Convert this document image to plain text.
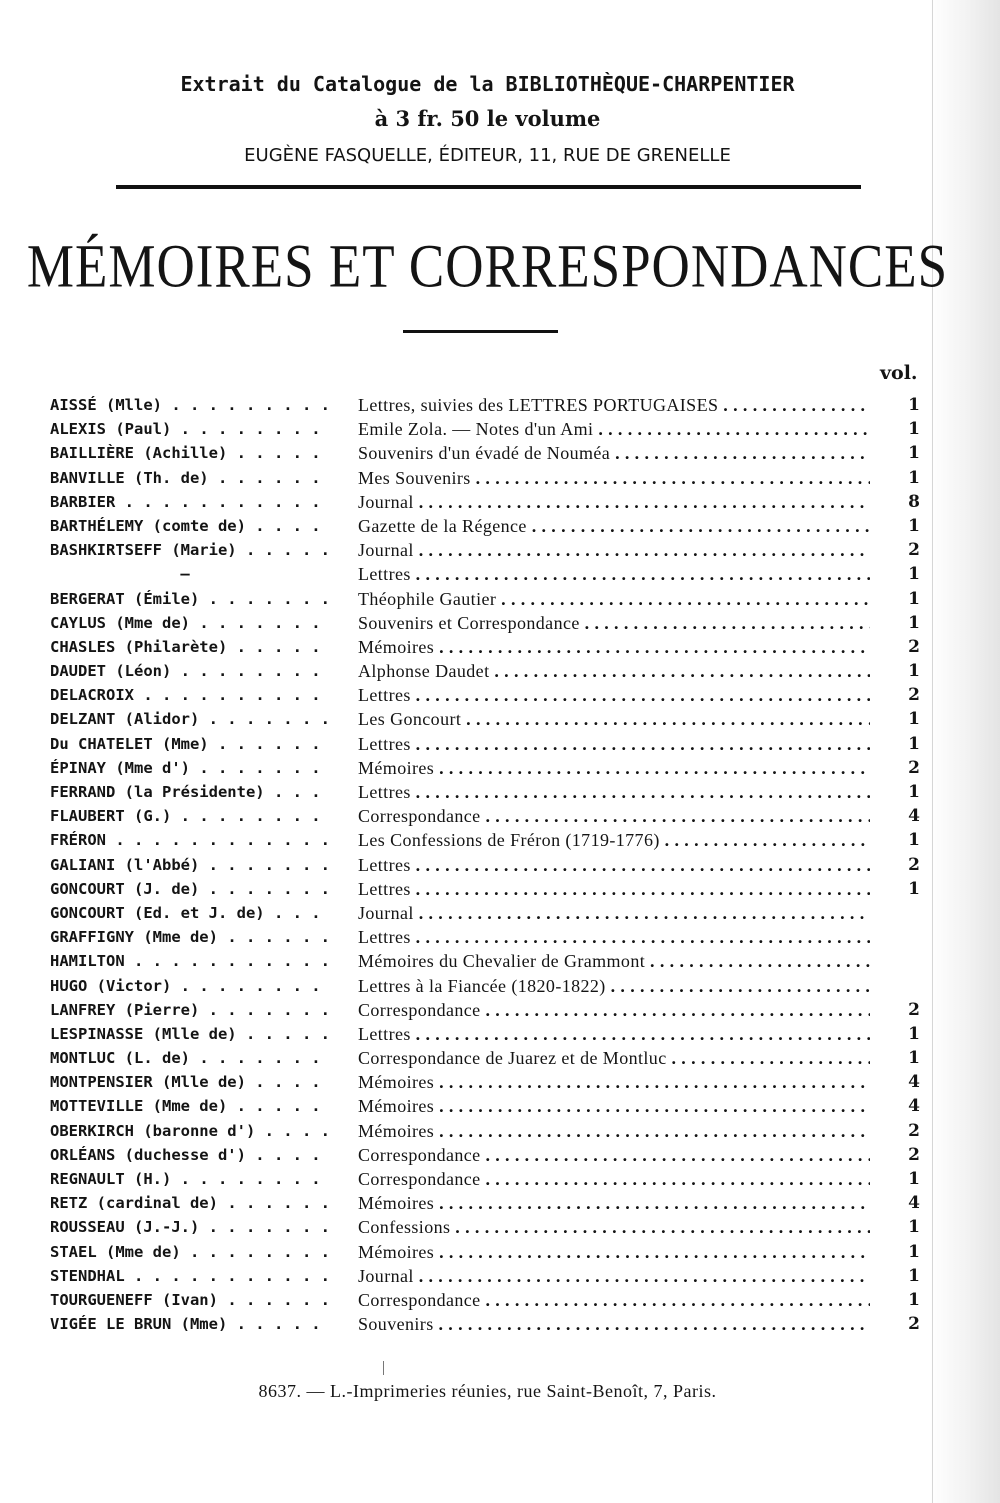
Extrait du Catalogue de la BIBLIOTHÈQUE-CHARPENTIER
à 3 fr. 50 le volume
EUGÈNE FASQUELLE, ÉDITEUR, 11, RUE DE GRENELLE
MÉMOIRES ET CORRESPONDANCES
vol.
AISSÉ (Mlle) . . .	Lettres, suivies des LETTRES PORTUGAISES . . .	1
ALEXIS (Paul) . . .	Emile Zola. — Notes d'un Ami . . .	1
BAILLIÈRE (Achille) . . .	Souvenirs d'un évadé de Nouméa . . .	1
BANVILLE (Th. de) . . .	Mes Souvenirs . . .	1
BARBIER . . .	Journal . . .	8
BARTHÉLEMY (comte de) . . .	Gazette de la Régence . . .	1
BASHKIRTSEFF (Marie) . . .	Journal . . .	2
—	Lettres . . .	1
BERGERAT (Émile) . . .	Théophile Gautier . . .	1
CAYLUS (Mme de) . . .	Souvenirs et Correspondance . . .	1
CHASLES (Philarète) . . .	Mémoires . . .	2
DAUDET (Léon) . . .	Alphonse Daudet . . .	1
DELACROIX . . .	Lettres . . .	2
DELZANT (Alidor) . . .	Les Goncourt . . .	1
Du CHATELET (Mme) . . .	Lettres . . .	1
ÉPINAY (Mme d') . . .	Mémoires . . .	2
FERRAND (la Présidente) . . .	Lettres . . .	1
FLAUBERT (G.) . . .	Correspondance . . .	4
FRÉRON . . .	Les Confessions de Fréron (1719-1776) . . .	1
GALIANI (l'Abbé) . . .	Lettres . . .	2
GONCOURT (J. de) . . .	Lettres . . .	1
GONCOURT (Ed. et J. de) . . .	Journal . . .
GRAFFIGNY (Mme de) . . .	Lettres . . .
HAMILTON . . .	Mémoires du Chevalier de Grammont . . .
HUGO (Victor) . . .	Lettres à la Fiancée (1820-1822) . . .
LANFREY (Pierre) . . .	Correspondance . . .	2
LESPINASSE (Mlle de) . . .	Lettres . . .	1
MONTLUC (L. de) . . .	Correspondance de Juarez et de Montluc . . .	1
MONTPENSIER (Mlle de) . . .	Mémoires . . .	4
MOTTEVILLE (Mme de) . . .	Mémoires . . .	4
OBERKIRCH (baronne d') . . .	Mémoires . . .	2
ORLÉANS (duchesse d') . . .	Correspondance . . .	2
REGNAULT (H.) . . .	Correspondance . . .	1
RETZ (cardinal de) . . .	Mémoires . . .	4
ROUSSEAU (J.-J.) . . .	Confessions . . .	1
STAEL (Mme de) . . .	Mémoires . . .	1
STENDHAL . . .	Journal . . .	1
TOURGUENEFF (Ivan) . . .	Correspondance . . .	1
VIGÉE LE BRUN (Mme) . . .	Souvenirs . . .	2
8637. — L.-Imprimeries réunies, rue Saint-Benoît, 7, Paris.
